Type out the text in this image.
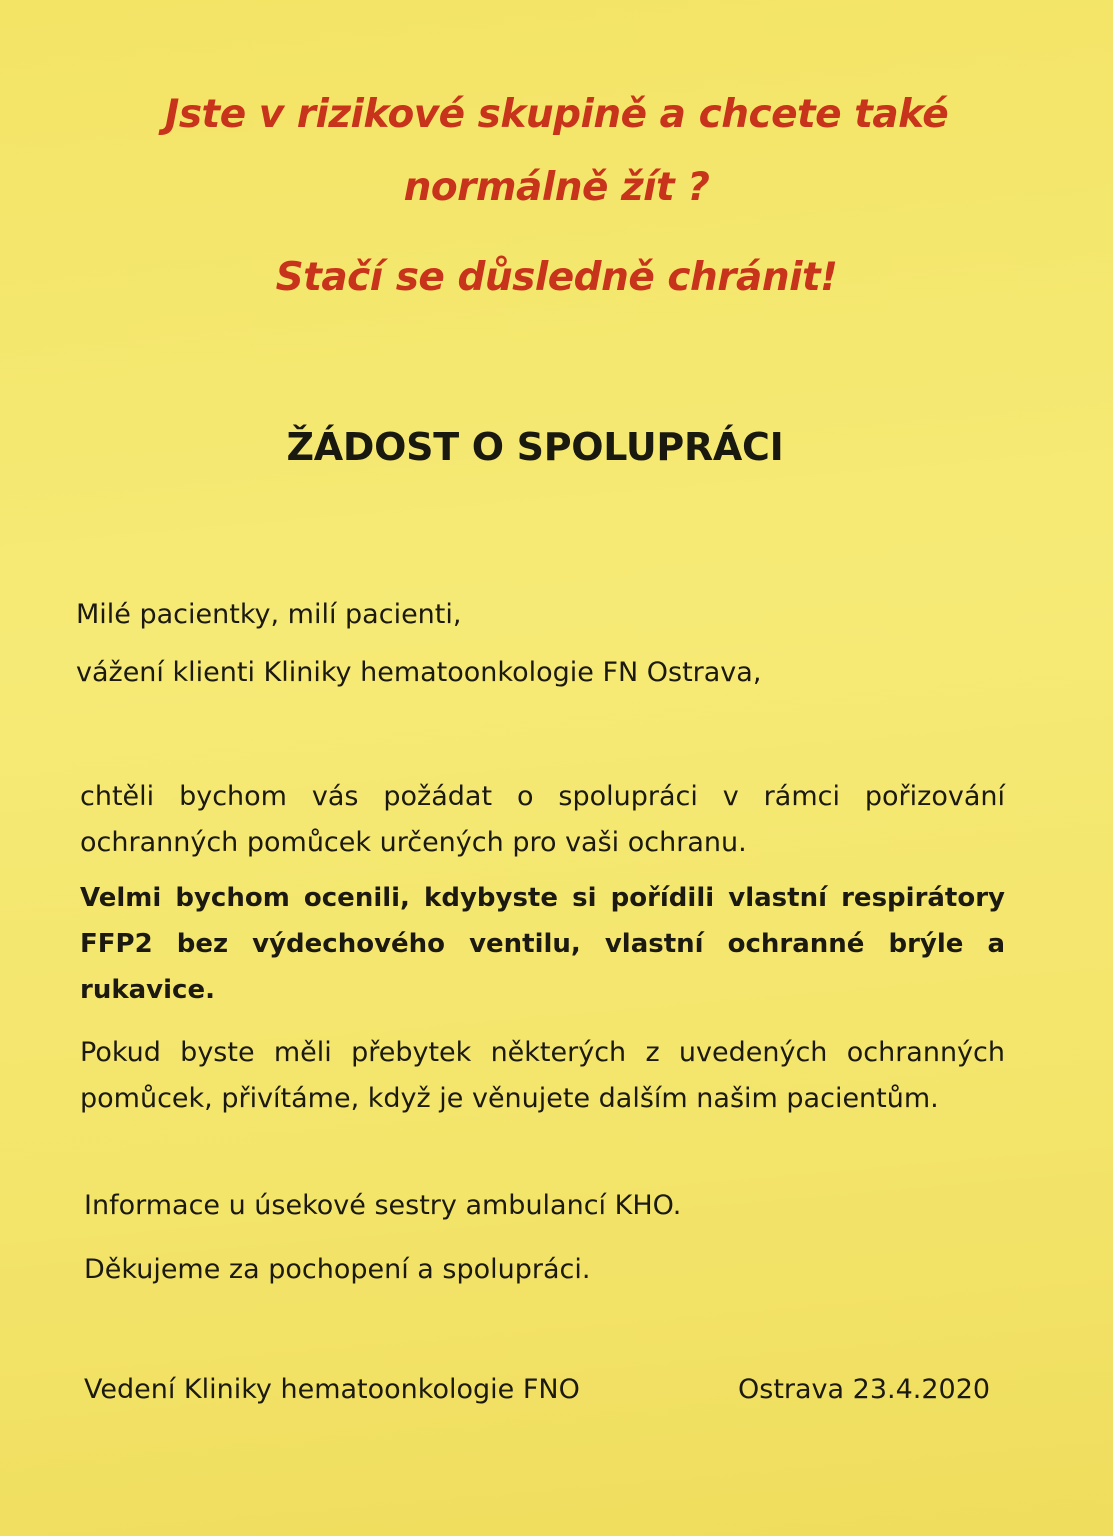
Jste v rizikové skupině a chcete také
normálně žít ?
Stačí se důsledně chránit!
ŽÁDOST O SPOLUPRÁCI
Milé pacientky, milí pacienti,
vážení klienti Kliniky hematoonkologie FN Ostrava,
chtěli bychom vás požádat o spolupráci v rámci pořizování ochranných pomůcek určených pro vaši ochranu.
Velmi bychom ocenili, kdybyste si pořídili vlastní respirátory FFP2 bez výdechového ventilu, vlastní ochranné brýle a rukavice.
Pokud byste měli přebytek některých z uvedených ochranných pomůcek, přivítáme, když je věnujete dalším našim pacientům.
Informace u úsekové sestry ambulancí KHO.
Děkujeme za pochopení a spolupráci.
Vedení Kliniky hematoonkologie FNO	Ostrava 23.4.2020
